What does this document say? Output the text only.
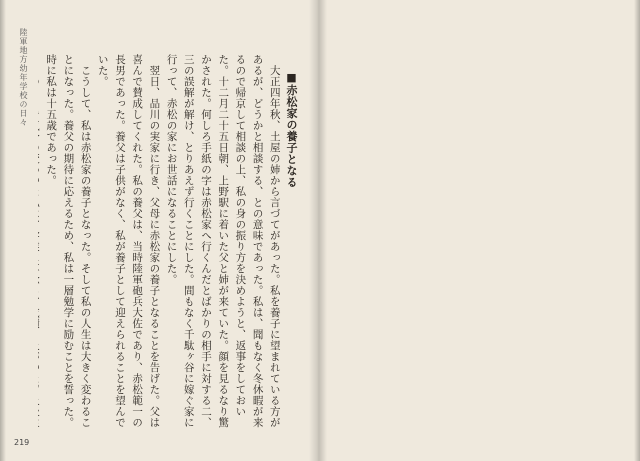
陸軍地方幼年学校の日々	■赤松家の養子となる

大正四年秋、土屋の姉から言づてがあった。私を養子に望まれている方があるが、どうかと相談する、との意味であった。私は、聞もなく冬休暇が来るので帰京して相談の上、私の身の振り方を決めようと、返事をしておいた。十二月二十五日朝、上野駅に着いた父と姉が来ていた。顔を見るなり驚かされた。何しろ手紙の字は赤松家へ行くんだとばかりの相手に対する二、三の誤解が解け、とりあえず行くことにした。間もなく千駄ヶ谷に嫁ぐ家に行って、赤松の家にお世話になることにした。

翌日、品川の実家に行き、父母に赤松家の養子となることを告げた。父は喜んで賛成してくれた。私の養父は、当時陸軍砲兵大佐であり、赤松範一の長男であった。養父は子供がなく、私が養子として迎えられることを望んでいた。

こうして、私は赤松家の養子となった。そして私の人生は大きく変わることになった。養父の期待に応えるため、私は一層勉学に励むことを誓った。時に私は十五歳であった。

219
